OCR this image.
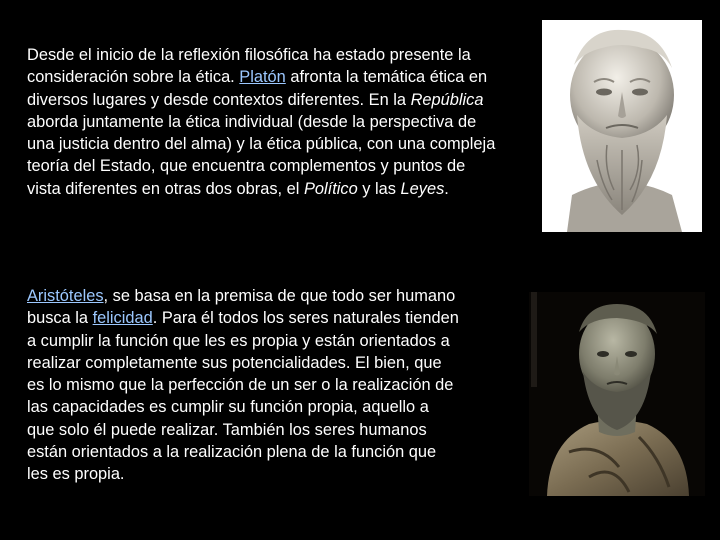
Desde el inicio de la reflexión filosófica ha estado presente la
consideración sobre la ética. Platón afronta la temática ética en
diversos lugares y desde contextos diferentes. En la República
aborda juntamente la ética individual (desde la perspectiva de
una justicia dentro del alma) y la ética pública, con una compleja
teoría del Estado, que encuentra complementos y puntos de
vista diferentes en otras dos obras, el Político y las Leyes.

Aristóteles, se basa en la premisa de que todo ser humano
busca la felicidad. Para él todos los seres naturales tienden
a cumplir la función que les es propia y están orientados a
realizar completamente sus potencialidades. El bien, que
es lo mismo que la perfección de un ser o la realización de
las capacidades es cumplir su función propia, aquello a
que solo él puede realizar. También los seres humanos
están orientados a la realización plena de la función que
les es propia.
